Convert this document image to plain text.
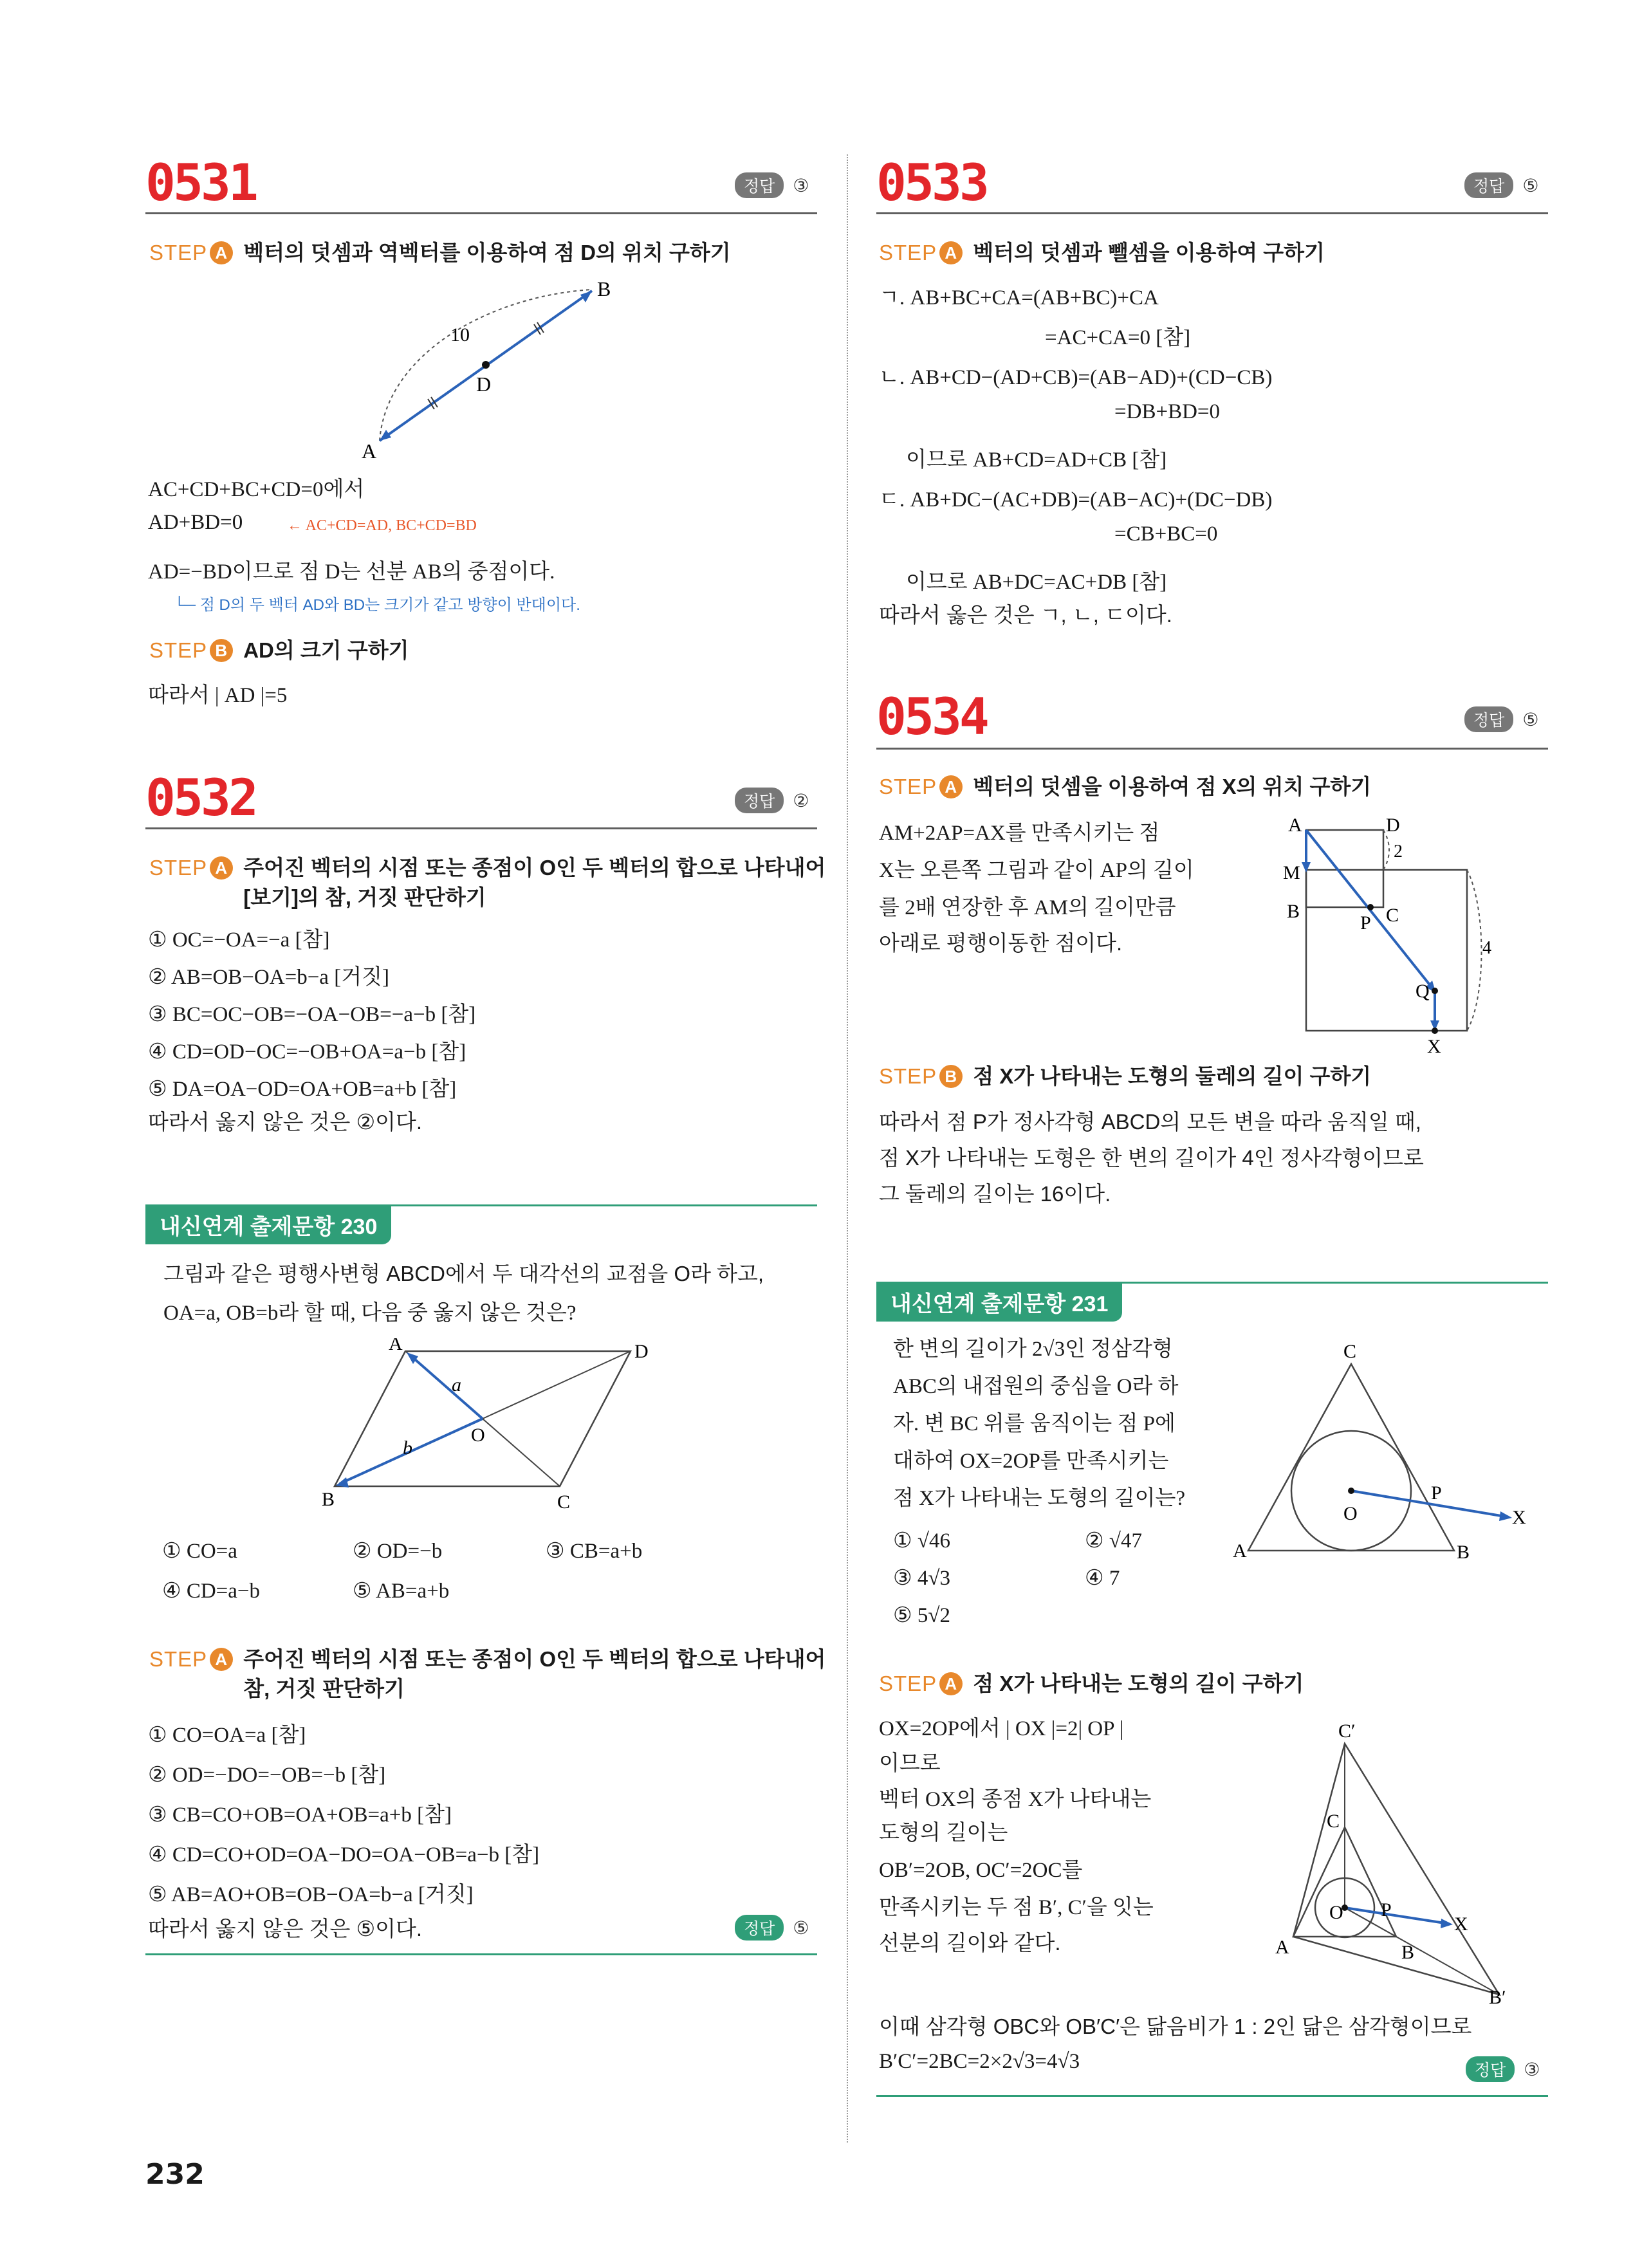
0531	정답	③
STEP A 벡터의 덧셈과 역벡터를 이용하여 점 D의 위치 구하기
A
B
D
10
AC+CD+BC+CD=0에서
AD+BD=0	← AC+CD=AD, BC+CD=BD
AD=−BD이므로 점 D는 선분 AB의 중점이다.
└─ 점 D의 두 벡터 AD와 BD는 크기가 같고 방향이 반대이다.
STEP B AD의 크기 구하기
따라서 | AD |=5
0532	정답	②
STEP A 주어진 벡터의 시점 또는 종점이 O인 두 벡터의 합으로 나타내어
[보기]의 참, 거짓 판단하기
① OC=−OA=−a [참]
② AB=OB−OA=b−a [거짓]
③ BC=OC−OB=−OA−OB=−a−b [참]
④ CD=OD−OC=−OB+OA=a−b [참]
⑤ DA=OA−OD=OA+OB=a+b [참]
따라서 옳지 않은 것은 ②이다.
내신연계 출제문항 230
그림과 같은 평행사변형 ABCD에서 두 대각선의 교점을 O라 하고,
OA=a, OB=b라 할 때, 다음 중 옳지 않은 것은?
A	D
B	C
O
a
b
① CO=a	② OD=−b	③ CB=a+b
④ CD=a−b	⑤ AB=a+b
STEP A 주어진 벡터의 시점 또는 종점이 O인 두 벡터의 합으로 나타내어
참, 거짓 판단하기
① CO=OA=a [참]
② OD=−DO=−OB=−b [참]
③ CB=CO+OB=OA+OB=a+b [참]
④ CD=CO+OD=OA−DO=OA−OB=a−b [참]
⑤ AB=AO+OB=OB−OA=b−a [거짓]
따라서 옳지 않은 것은 ⑤이다.	정답	⑤
232
0533	정답	⑤
STEP A 벡터의 덧셈과 뺄셈을 이용하여 구하기
ㄱ. AB+BC+CA=(AB+BC)+CA
=AC+CA=0 [참]
ㄴ. AB+CD−(AD+CB)=(AB−AD)+(CD−CB)
=DB+BD=0
이므로 AB+CD=AD+CB [참]
ㄷ. AB+DC−(AC+DB)=(AB−AC)+(DC−DB)
=CB+BC=0
이므로 AB+DC=AC+DB [참]
따라서 옳은 것은 ㄱ, ㄴ, ㄷ이다.
0534	정답	⑤
STEP A 벡터의 덧셈을 이용하여 점 X의 위치 구하기
AM+2AP=AX를 만족시키는 점
X는 오른쪽 그림과 같이 AP의 길이
를 2배 연장한 후 AM의 길이만큼
아래로 평행이동한 점이다.
A	D
M
B
P C
Q
X
2
4
STEP B 점 X가 나타내는 도형의 둘레의 길이 구하기
따라서 점 P가 정사각형 ABCD의 모든 변을 따라 움직일 때,
점 X가 나타내는 도형은 한 변의 길이가 4인 정사각형이므로
그 둘레의 길이는 16이다.
내신연계 출제문항 231
한 변의 길이가 2√3인 정삼각형
ABC의 내접원의 중심을 O라 하
자. 변 BC 위를 움직이는 점 P에
대하여 OX=2OP를 만족시키는
점 X가 나타내는 도형의 길이는?
① √46	② √47
③ 4√3	④ 7
⑤ 5√2
C
A	B
O
P
X
STEP A 점 X가 나타내는 도형의 길이 구하기
OX=2OP에서 | OX |=2| OP |
이므로
벡터 OX의 종점 X가 나타내는
도형의 길이는
OB′=2OB, OC′=2OC를
만족시키는 두 점 B′, C′을 잇는
선분의 길이와 같다.
C′
C
O P
X
A	B
B′
이때 삼각형 OBC와 OB′C′은 닮음비가 1 : 2인 닮은 삼각형이므로
B′C′=2BC=2×2√3=4√3	정답	③
